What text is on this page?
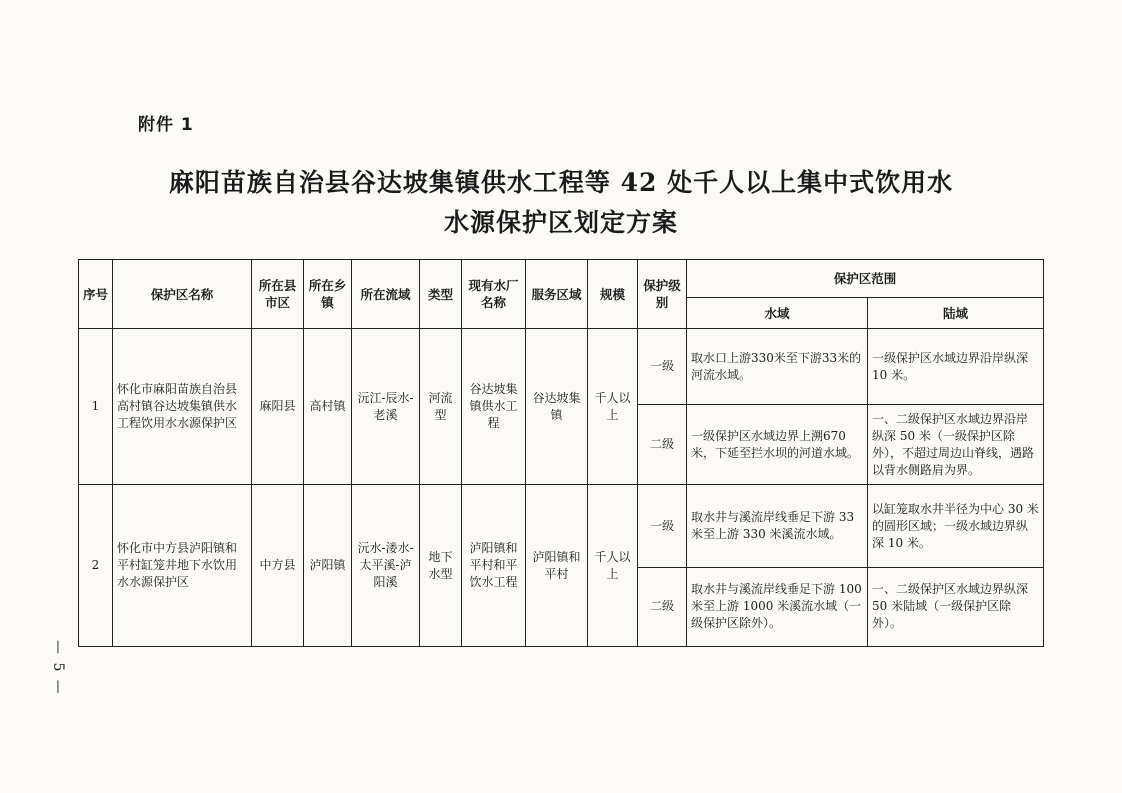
附件 1
麻阳苗族自治县谷达坡集镇供水工程等 42 处千人以上集中式饮用水
水源保护区划定方案
序号	保护区名称	所在县市区	所在乡镇	所在流域	类型	现有水厂名称	服务区域	规模	保护级别	保护区范围	
										水域	陆域
1	怀化市麻阳苗族自治县高村镇谷达坡集镇供水工程饮用水水源保护区	麻阳县	高村镇	沅江-辰水-老溪	河流型	谷达坡集镇供水工程	谷达坡集镇	千人以上	一级	取水口上游330米至下游33米的河流水域。	一级保护区水域边界沿岸纵深 10 米。
									二级	一级保护区水域边界上溯670 米，下延至拦水坝的河道水域。	一、二级保护区水域边界沿岸纵深 50 米（一级保护区除外），不超过周边山脊线，遇路以背水侧路肩为界。
2	怀化市中方县泸阳镇和平村缸笼井地下水饮用水水源保护区	中方县	泸阳镇	沅水-溇水-太平溪-泸阳溪	地下水型	泸阳镇和平村和平饮水工程	泸阳镇和平村	千人以上	一级	取水井与溪流岸线垂足下游 33 米至上游 330 米溪流水域。	以缸笼取水井半径为中心 30 米的圆形区域；一级水域边界纵深 10 米。
									二级	取水井与溪流岸线垂足下游 100 米至上游 1000 米溪流水域（一级保护区除外）。	一、二级保护区水域边界纵深 50 米陆域（一级保护区除外）。
— 5 —
